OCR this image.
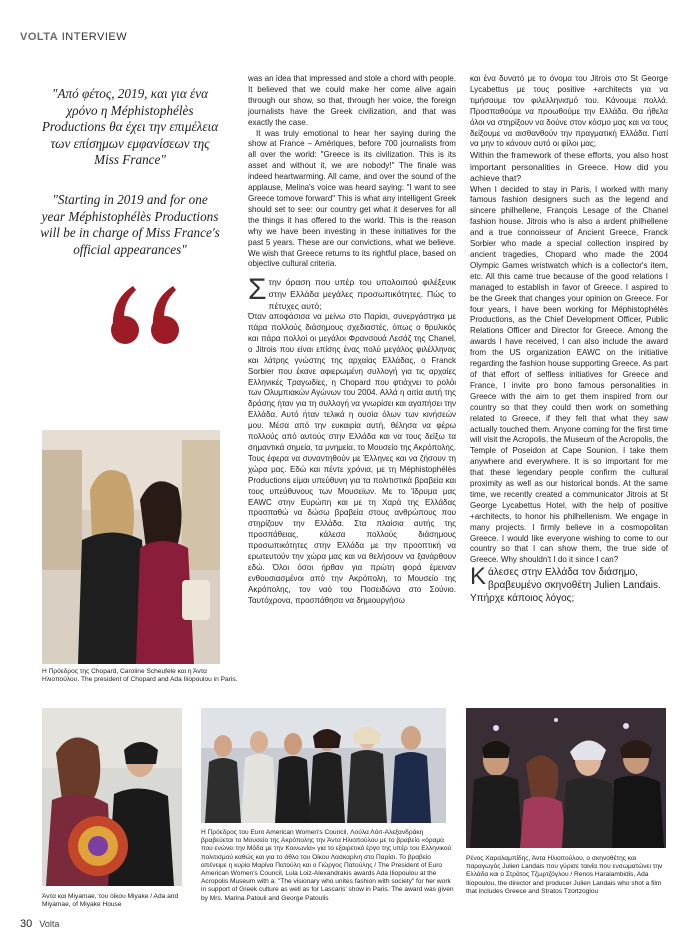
VOLTA INTERVIEW
"Από φέτος, 2019, και για ένα χρόνο η Méphistophélès Productions θα έχει την επιμέλεια των επίσημων εμφανίσεων της Miss France"
"Starting in 2019 and for one year Méphistophélès Productions will be in charge of Miss France's official appearances"
Η Πρόεδρος της Chopard, Caroline Scheufele και η Άντα Ηλιοπούλου. The president of Chopard and Ada Iliopoulou in Paris.

was an idea that impressed and stole a chord with people. It believed that we could make her come alive again through our show, so that, through her voice, the foreign journalists have the Greek civilization, and that was exactly the case.

It was truly emotional to hear her saying during the show at France – Amériques, before 700 journalists from all over the world: "Greece is its civilization. This is its asset and without it, we are nobody!" The finale was indeed heartwarming. All came, and over the sound of the applause, Melina's voice was heard saying: "I want to see Greece tomove forward" This is what any intelligent Greek should set to see: our country get what it deserves for all the things it has offered to the world. This is the reason why we have been investing in these initiatives for the past 5 years. These are our convictions, what we believe. We wish that Greece returns to its rightful place, based on objective cultural criteria.

Σ την όραση που υπέρ του υπολοιπού φιλέξενικ στην Ελλάδα μεγάλες προσωπικότητες. Πώς το πέτυχες αυτό;

Όταν αποφάσισα να μείνω στο Παρίσι, συνεργάστηκα με πάρα πολλούς διάσημους σχεδιαστές, όπως ο θρυλικός και πάρα πολλοί οι μεγάλοι Φρανσουά Λεσάζ της Chanel, ο Jitrois που είναι επίσης ένας πολύ μεγάλος φιλέλληνας και λάτρης γνώστης της αρχαίας Ελλάδας, ο Franck Sorbier που έκανε αφιερωμένη συλλογή για τις αρχαίες Ελληνικές Τραγωδίες, η Chopard που φτιάχνει το ρολόι των Ολυμπιακών Αγώνων του 2004. Αλλά η αιτία αυτή της δράσης ήταν για τη συλλογή να γνωρίσει και αγαπήσει την Ελλάδα. Αυτό ήταν τελικά η ουσία όλων των κινήσεών μου. Μέσα από την ευκαιρία αυτή, θέλησα να φέρω πολλούς από αυτούς στην Ελλάδα και να τους δείξω τα σημαντικά σημεία, τα μνημεία, το Μουσείο της Ακρόπολης. Τους έφερα να συναντηθούν με Έλληνες και να ζήσουν τη χώρα μας. Εδώ και πέντε χρόνια, με τη Méphistophélès Productions είμαι υπεύθυνη για τα πολιτιστικά βραβεία και τους υπεύθυνους των Μουσείων. Με το Ίδρυμα μας EAWC στην Ευρώπη και με τη Χαρά της Ελλάδας προσπαθώ να δώσω βραβεία στους ανθρώπους που στηρίζουν την Ελλάδα. Στα πλαίσια αυτής της προσπάθειας, κάλεσα πολλούς διάσημους προσωπικότητες στην Ελλάδα με την προοπτική να ερωτευτούν την χώρα μας και να θελήσουν να ξανάρθουν εδώ. Όλοι όσοι ήρθαν για πρώτη φορά έμειναν ενθουσιασμένοι από την Ακρόπολη, το Μουσείο της Ακρόπολης, τον ναό του Ποσειδώνα στο Σούνιο. Ταυτόχρονα, προσπάθησα να δημιουργήσω

και ένα δυνατό με το όνομα του Jitrois στο St George Lycabettus με τους positive +architects για να τιμήσουμε τον φιλελληνισμό του. Κάνουμε πολλά. Προσπαθούμε να προωθούμε την Ελλάδα. Θα ήθελα όλοι να στηρίξουν να δούνε στον κόσμο μας και να τους δείξουμε να αισθανθούν την πραγματική Ελλάδα. Γιατί να μην το κάνουν αυτό οι φίλοι μας;

Within the framework of these efforts, you also host important personalities in Greece. How did you achieve that?

When I decided to stay in Paris, I worked with many famous fashion designers such as the legend and sincere philhellene, François Lesage of the Chanel fashion house. Jitrois who is also a ardent philhellene and a true connoisseur of Ancient Greece, Franck Sorbier who made a special collection inspired by ancient tragedies, Chopard who made the 2004 Olympic Games wristwatch which is a collector's item, etc. All this came true because of the good relations I managed to establish in favor of Greece. I aspired to be the Greek that changes your opinion on Greece. For four years, I have been working for Méphistophélès Productions, as the Chief Development Officer, Public Relations Officer and Director for Greece. Among the awards I have received, I can also include the award from the US organization EAWC on the initiative regarding the fashion house supporting Greece. As part of that effort of selfless initiatives for Greece and France, I invite pro bono famous personalities in Greece with the aim to get them inspired from our country so that they could then work on something related to Greece, if they felt that what they saw actually touched them. Anyone coming for the first time will visit the Acropolis, the Museum of the Acropolis, the Temple of Poseidon at Cape Sounion. I take them anywhere and everywhere. It is so important for me that these legendary people confirm the cultural proximity as well as our historical bonds. At the same time, we recently created a communicator Jitrois at St George Lycabettus Hotel, with the help of positive +architects, to honor his philhellenism. We engage in many projects. I firmly believe in a cosmopolitan Greece. I would like everyone wishing to come to our country so that I can show them, the true side of Greece. Why shouldn't I do it since I can?

Κ άλεσες στην Ελλάδα τον διάσημο, βραβευμένο σκηνοθέτη Julien Landais. Υπήρχε κάποιος λόγος;

Άντα και Miyamae, του οίκου Miyake / Ada and Miyamae, of Miyake House
Η Πρόεδρος του Euro American Women's Council, Λούλα Λόιτ-Αλεξανδράκη βραβεύεται το Μουσείο της Ακρόπολης την Άντα Ηλιοπούλου με το βραβείο «όραμα που ενώνει την Μόδα με την Κοινωνία» για το εξαιρετικό έργο της υπέρ του Ελληνικού πολιτισμού καθώς και για το άθλο του Οίκου Λασκαρίνη στο Παρίσι. Το βραβείο απένειμε η κυρία Μαρίνα Πατούλη και ο Γιώργος Πατούλης / The President of Euro American Women's Council, Lula Loiz-Alexandrakis awards Ada Iliopoulou at the Acropolis Museum with a: "The visionary who unites fashion with society" for her work in support of Greek culture as well as for Lascaris' show in Paris. The award was given by Mrs. Marina Patouli and George Patoulis
Ρένος Χαραλαμπίδης, Άντα Ηλιοπούλου, ο σκηνοθέτης και παραγωγός Julien Landais που γύρισε ταινία που ενσωματώνει την Ελλάδα και ο Στράτος Τζωρτζόγλου / Renos Haralambidis, Ada Iliopoulou, the director and producer Julien Landais who shot a film that includes Greece and Stratos Tzortzoglou
30 Volta
